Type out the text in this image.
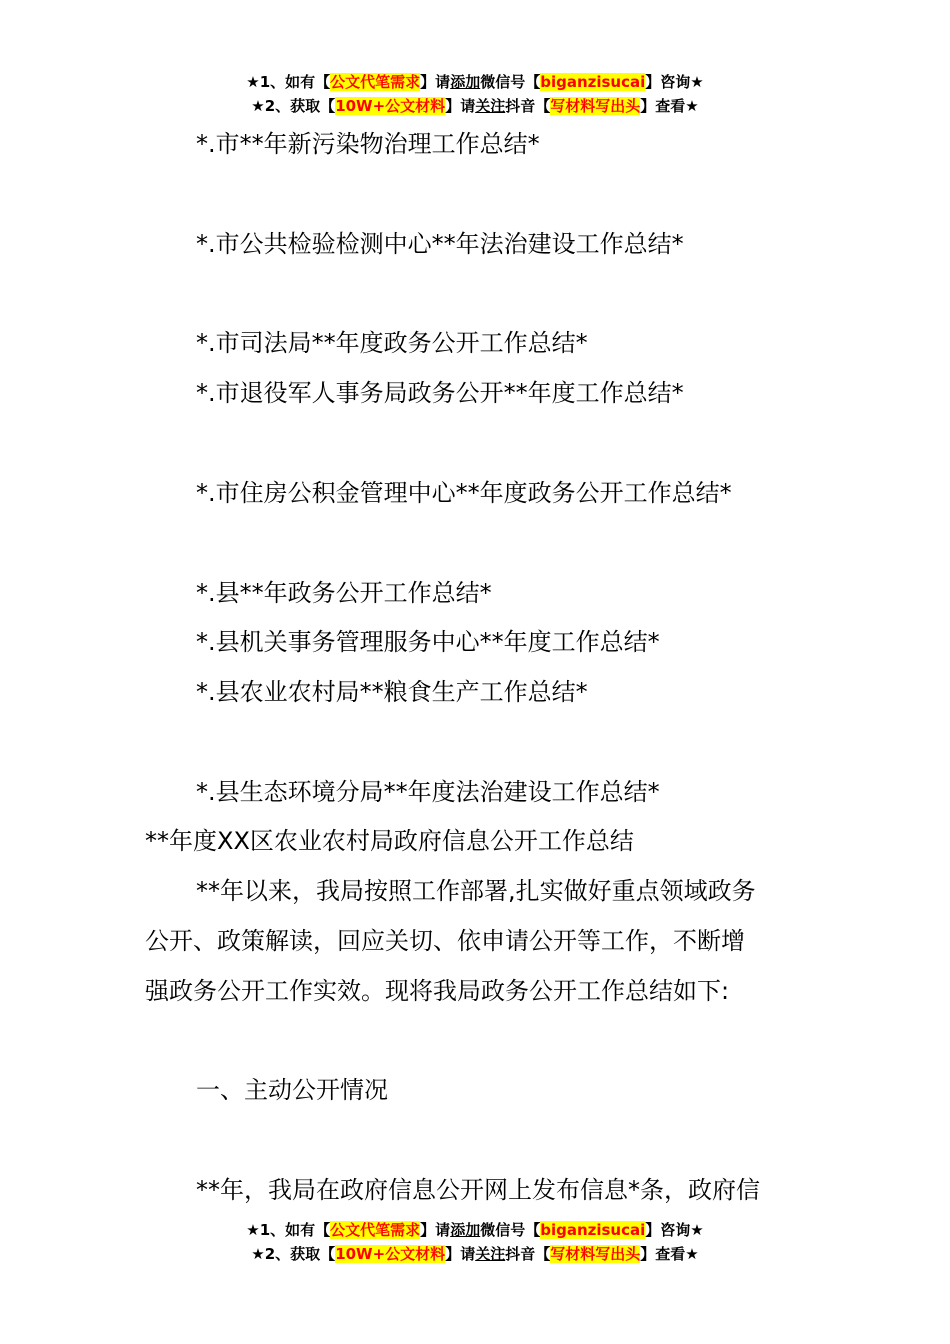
★1、如有【公文代笔需求】请添加微信号【biganzisucai】咨询★
★2、获取【10W+公文材料】请关注抖音【写材料写出头】查看★
*.市**年新污染物治理工作总结*
*.市公共检验检测中心**年法治建设工作总结*
*.市司法局**年度政务公开工作总结*
*.市退役军人事务局政务公开**年度工作总结*
*.市住房公积金管理中心**年度政务公开工作总结*
*.县**年政务公开工作总结*
*.县机关事务管理服务中心**年度工作总结*
*.县农业农村局**粮食生产工作总结*
*.县生态环境分局**年度法治建设工作总结*
**年度XX区农业农村局政府信息公开工作总结
**年以来，我局按照工作部署,扎实做好重点领域政务
公开、政策解读，回应关切、依申请公开等工作，不断增
强政务公开工作实效。现将我局政务公开工作总结如下:
一、主动公开情况
**年，我局在政府信息公开网上发布信息*条，政府信
★1、如有【公文代笔需求】请添加微信号【biganzisucai】咨询★
★2、获取【10W+公文材料】请关注抖音【写材料写出头】查看★
